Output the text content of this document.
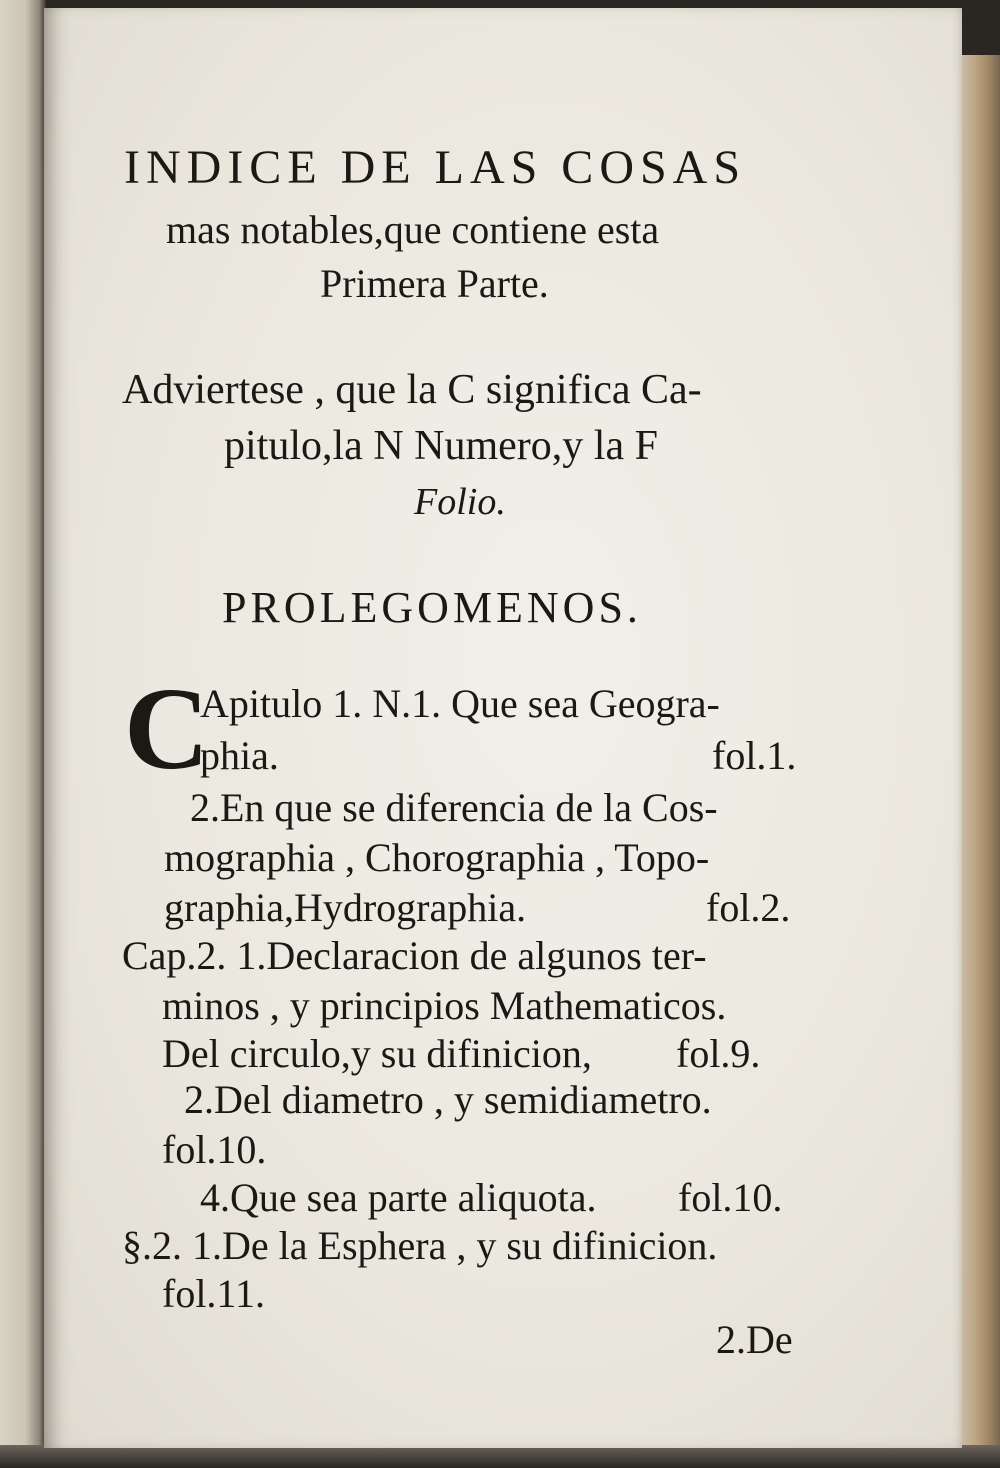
INDICE DE LAS COSAS
mas notables,que contiene esta
Primera Parte.
Adviertese , que la C significa Ca-
pitulo,la N Numero,y la F
Folio.
PROLEGOMENOS.
C
Apitulo 1. N.1. Que sea Geogra-
phia.	fol.1.
2.En que se diferencia de la Cos-
mographia , Chorographia , Topo-
graphia,Hydrographia.	fol.2.
Cap.2. 1.Declaracion de algunos ter-
minos , y principios Mathematicos.
Del circulo,y su difinicion, fol.9.
2.Del diametro , y semidiametro.
fol.10.
4.Que sea parte aliquota. fol.10.
§.2. 1.De la Esphera , y su difinicion.
fol.11.
2.De
